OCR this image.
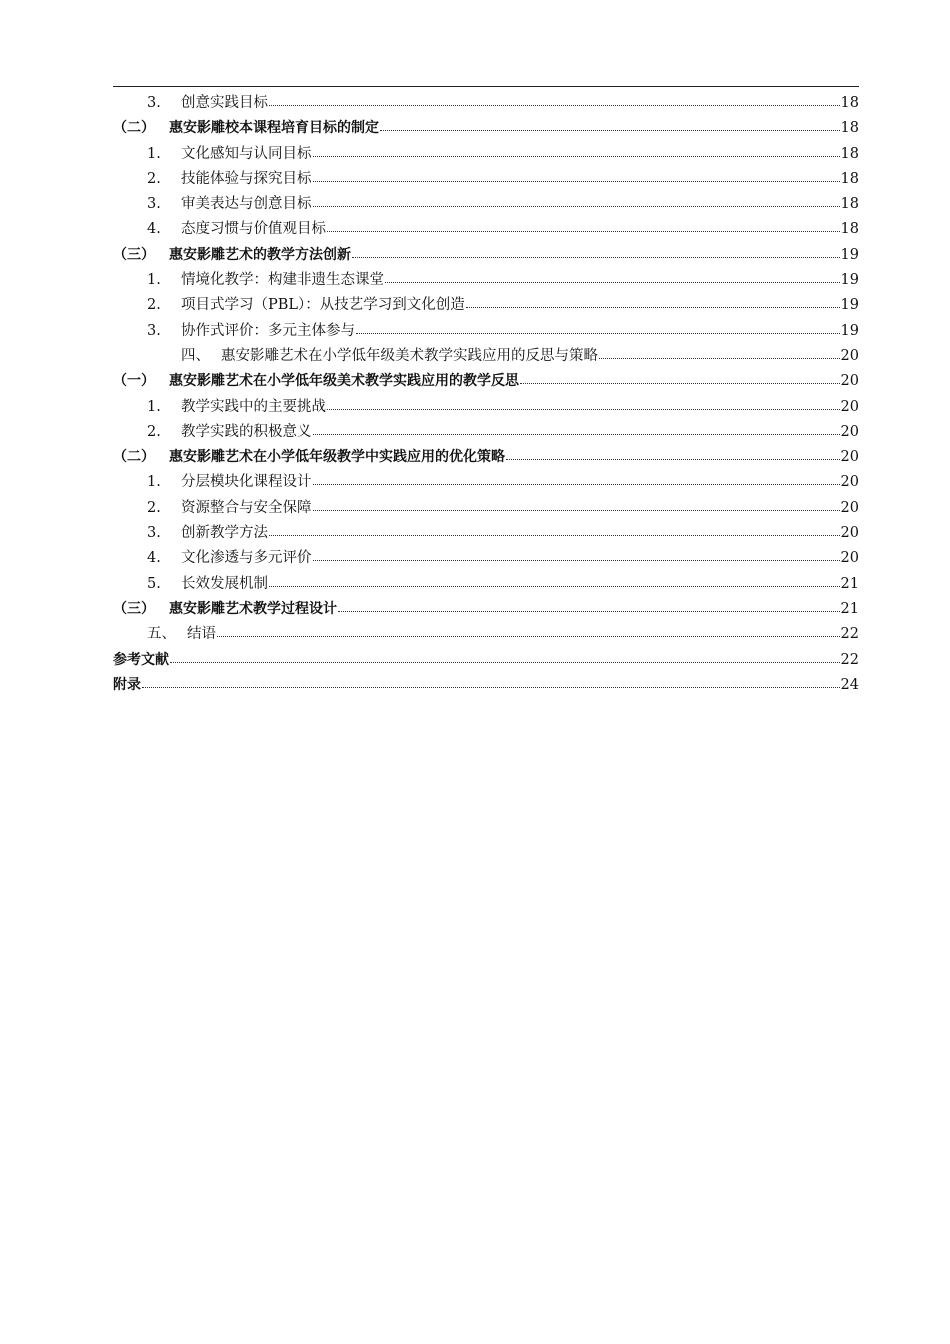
3.	创意实践目标	18
（二）	惠安影雕校本课程培育目标的制定	18
1.	文化感知与认同目标	18
2.	技能体验与探究目标	18
3.	审美表达与创意目标	18
4.	态度习惯与价值观目标	18
（三）	惠安影雕艺术的教学方法创新	19
1.	情境化教学：构建非遗生态课堂	19
2.	项目式学习（PBL）：从技艺学习到文化创造	19
3.	协作式评价：多元主体参与	19
四、 惠安影雕艺术在小学低年级美术教学实践应用的反思与策略	20
（一）	惠安影雕艺术在小学低年级美术教学实践应用的教学反思	20
1.	教学实践中的主要挑战	20
2.	教学实践的积极意义	20
（二）	惠安影雕艺术在小学低年级教学中实践应用的优化策略	20
1.	分层模块化课程设计	20
2.	资源整合与安全保障	20
3.	创新教学方法	20
4.	文化渗透与多元评价	20
5.	长效发展机制	21
（三）	惠安影雕艺术教学过程设计	21
五、 结语	22
参考文献	22
附录	24
